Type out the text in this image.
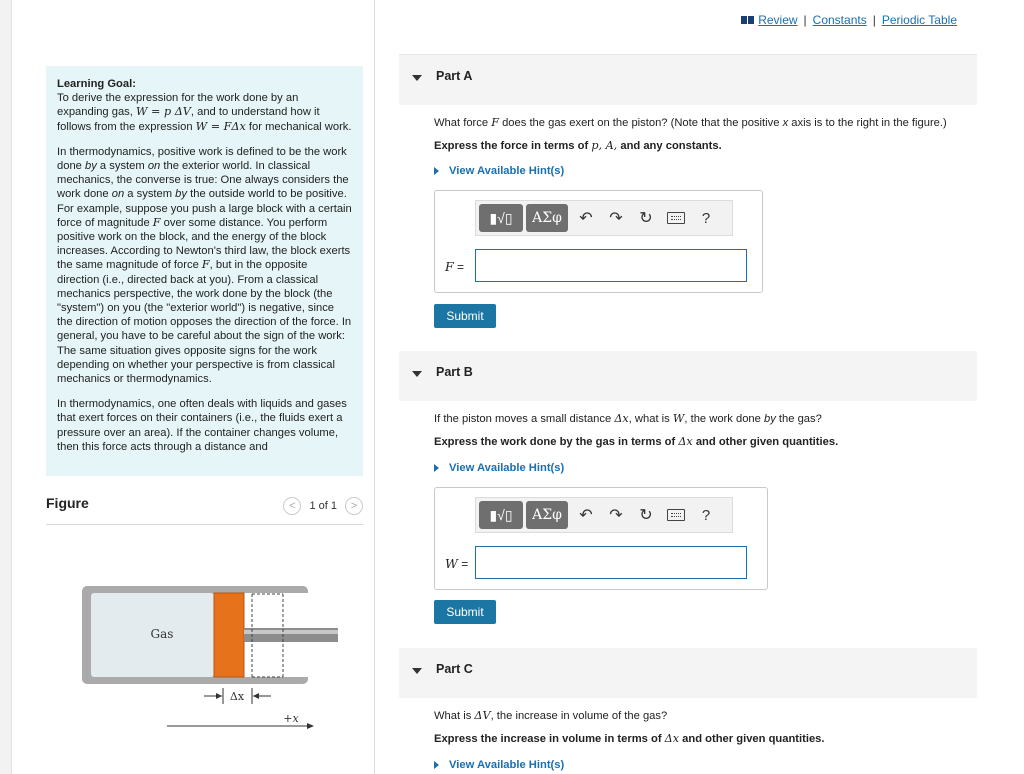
Learning Goal:
To derive the expression for the work done by an expanding gas, W = p ΔV, and to understand how it follows from the expression W = FΔx for mechanical work.

In thermodynamics, positive work is defined to be the work done by a system on the exterior world. In classical mechanics, the converse is true: One always considers the work done on a system by the outside world to be positive. For example, suppose you push a large block with a certain force of magnitude F over some distance. You perform positive work on the block, and the energy of the block increases. According to Newton's third law, the block exerts the same magnitude of force F, but in the opposite direction (i.e., directed back at you). From a classical mechanics perspective, the work done by the block (the "system") on you (the "exterior world") is negative, since the direction of motion opposes the direction of the force. In general, you have to be careful about the sign of the work: The same situation gives opposite signs for the work depending on whether your perspective is from classical mechanics or thermodynamics.

In thermodynamics, one often deals with liquids and gases that exert forces on their containers (i.e., the fluids exert a pressure over an area). If the container changes volume, then this force acts through a distance and

Figure	<	1 of 1	>
Gas
Δx
+x
Review | Constants | Periodic Table
Part A
What force F does the gas exert on the piston? (Note that the positive x axis is to the right in the figure.)
Express the force in terms of p, A, and any constants.
View Available Hint(s)
▮√▯	ΑΣφ	↶	↷	↻	?
F =
Submit
Part B
If the piston moves a small distance Δx, what is W, the work done by the gas?
Express the work done by the gas in terms of Δx and other given quantities.
View Available Hint(s)
▮√▯	ΑΣφ	↶	↷	↻	?
W =
Submit
Part C
What is ΔV, the increase in volume of the gas?
Express the increase in volume in terms of Δx and other given quantities.
View Available Hint(s)
